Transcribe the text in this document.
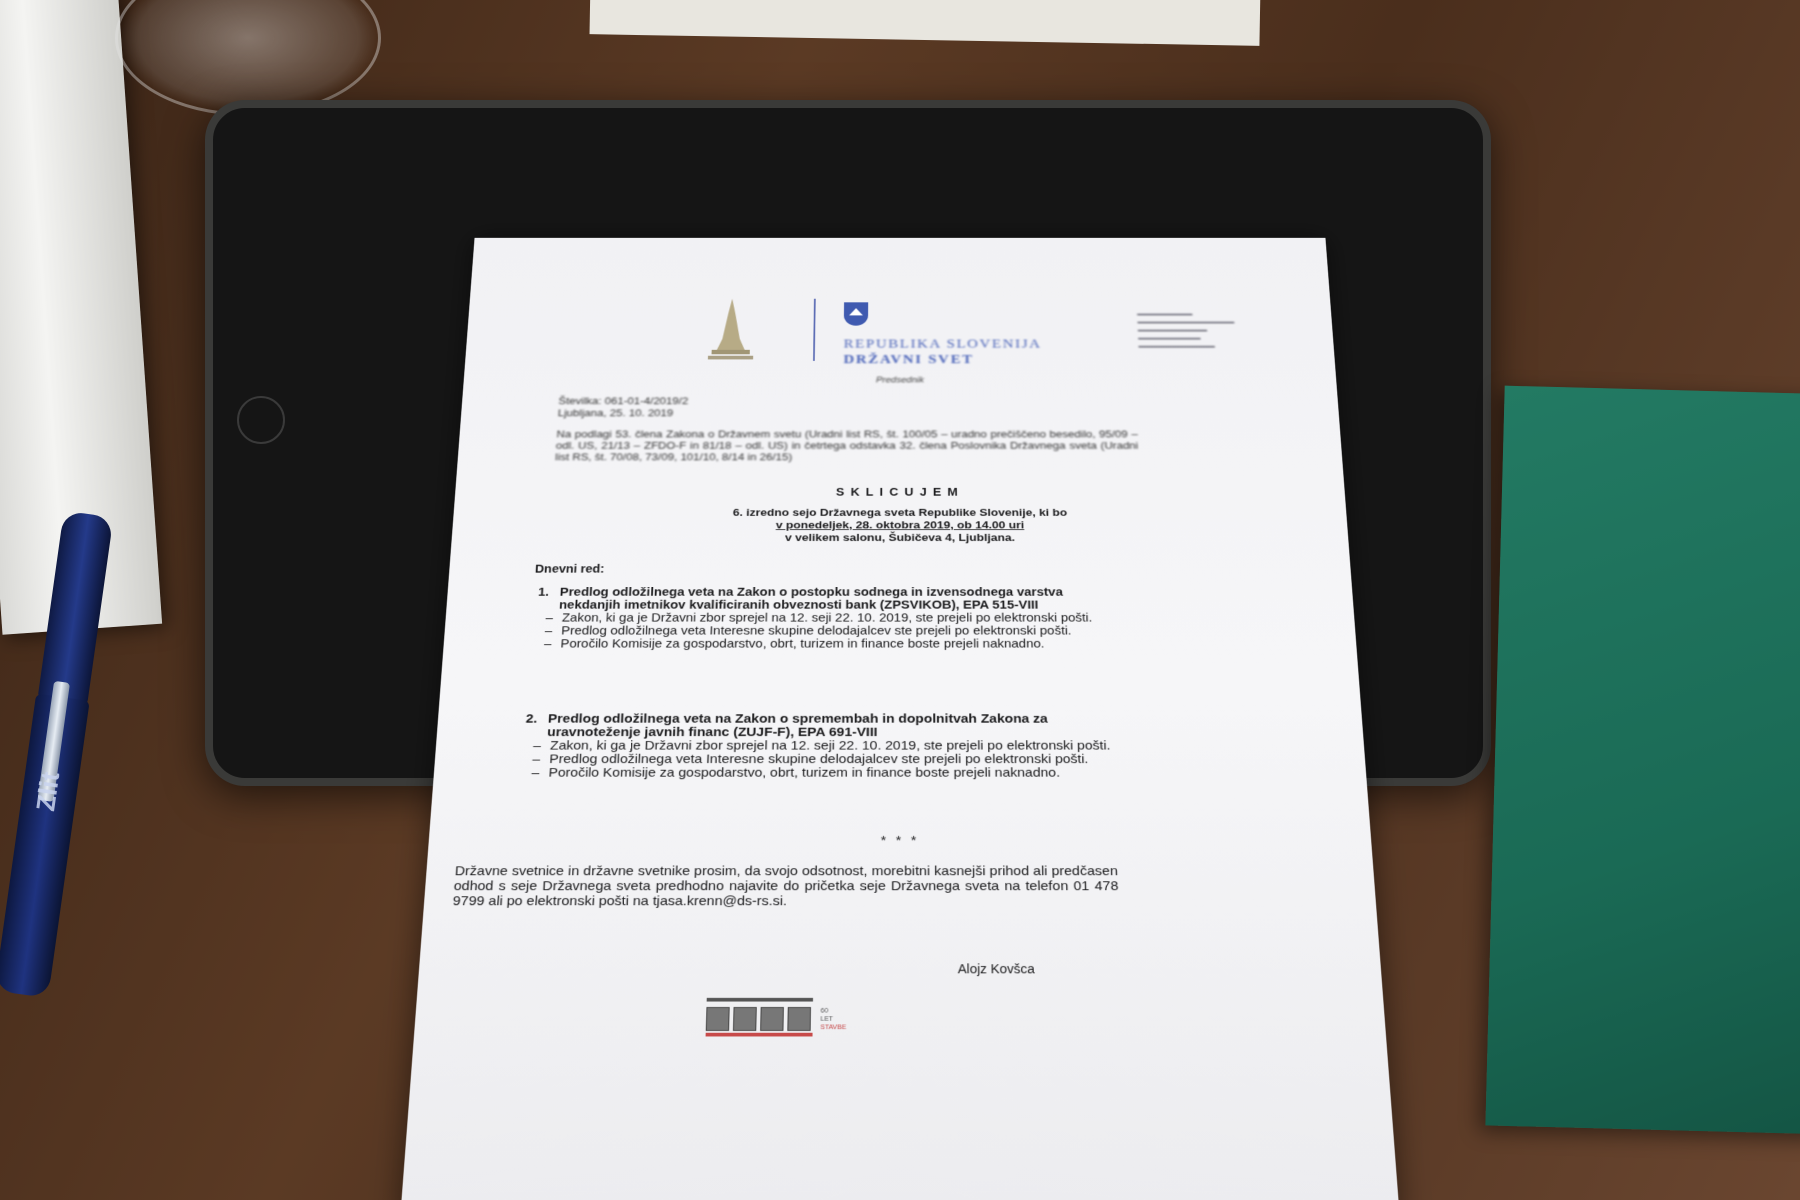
Zlit
REPUBLIKA SLOVENIJA
DRŽAVNI SVET
▬▬▬▬▬▬▬▬
▬▬▬▬▬▬▬▬▬▬▬▬▬▬
▬▬▬▬▬▬▬▬▬▬
▬▬▬▬▬▬▬▬▬
▬▬▬▬▬▬▬▬▬▬▬
Predsednik
Številka: 061-01-4/2019/2
Ljubljana, 25. 10. 2019
Na podlagi 53. člena Zakona o Državnem svetu (Uradni list RS, št. 100/05 – uradno prečiščeno besedilo, 95/09 – odl. US, 21/13 – ZFDO-F in 81/18 – odl. US) in četrtega odstavka 32. člena Poslovnika Državnega sveta (Uradni list RS, št. 70/08, 73/09, 101/10, 8/14 in 26/15)
SKLICUJEM
6. izredno sejo Državnega sveta Republike Slovenije, ki bo
v ponedeljek, 28. oktobra 2019, ob 14.00 uri
v velikem salonu, Šubičeva 4, Ljubljana.
Dnevni red:
1. Predlog odložilnega veta na Zakon o postopku sodnega in izvensodnega varstva nekdanjih imetnikov kvalificiranih obveznosti bank (ZPSVIKOB), EPA 515-VIII
– Zakon, ki ga je Državni zbor sprejel na 12. seji 22. 10. 2019, ste prejeli po elektronski pošti.
– Predlog odložilnega veta Interesne skupine delodajalcev ste prejeli po elektronski pošti.
– Poročilo Komisije za gospodarstvo, obrt, turizem in finance boste prejeli naknadno.
2. Predlog odložilnega veta na Zakon o spremembah in dopolnitvah Zakona za uravnoteženje javnih financ (ZUJF-F), EPA 691-VIII
– Zakon, ki ga je Državni zbor sprejel na 12. seji 22. 10. 2019, ste prejeli po elektronski pošti.
– Predlog odložilnega veta Interesne skupine delodajalcev ste prejeli po elektronski pošti.
– Poročilo Komisije za gospodarstvo, obrt, turizem in finance boste prejeli naknadno.
* * *
Državne svetnice in državne svetnike prosim, da svojo odsotnost, morebitni kasnejši prihod ali predčasen odhod s seje Državnega sveta predhodno najavite do pričetka seje Državnega sveta na telefon 01 478 9799 ali po elektronski pošti na tjasa.krenn@ds-rs.si.
Alojz Kovšca
60
LET
STAVBE
